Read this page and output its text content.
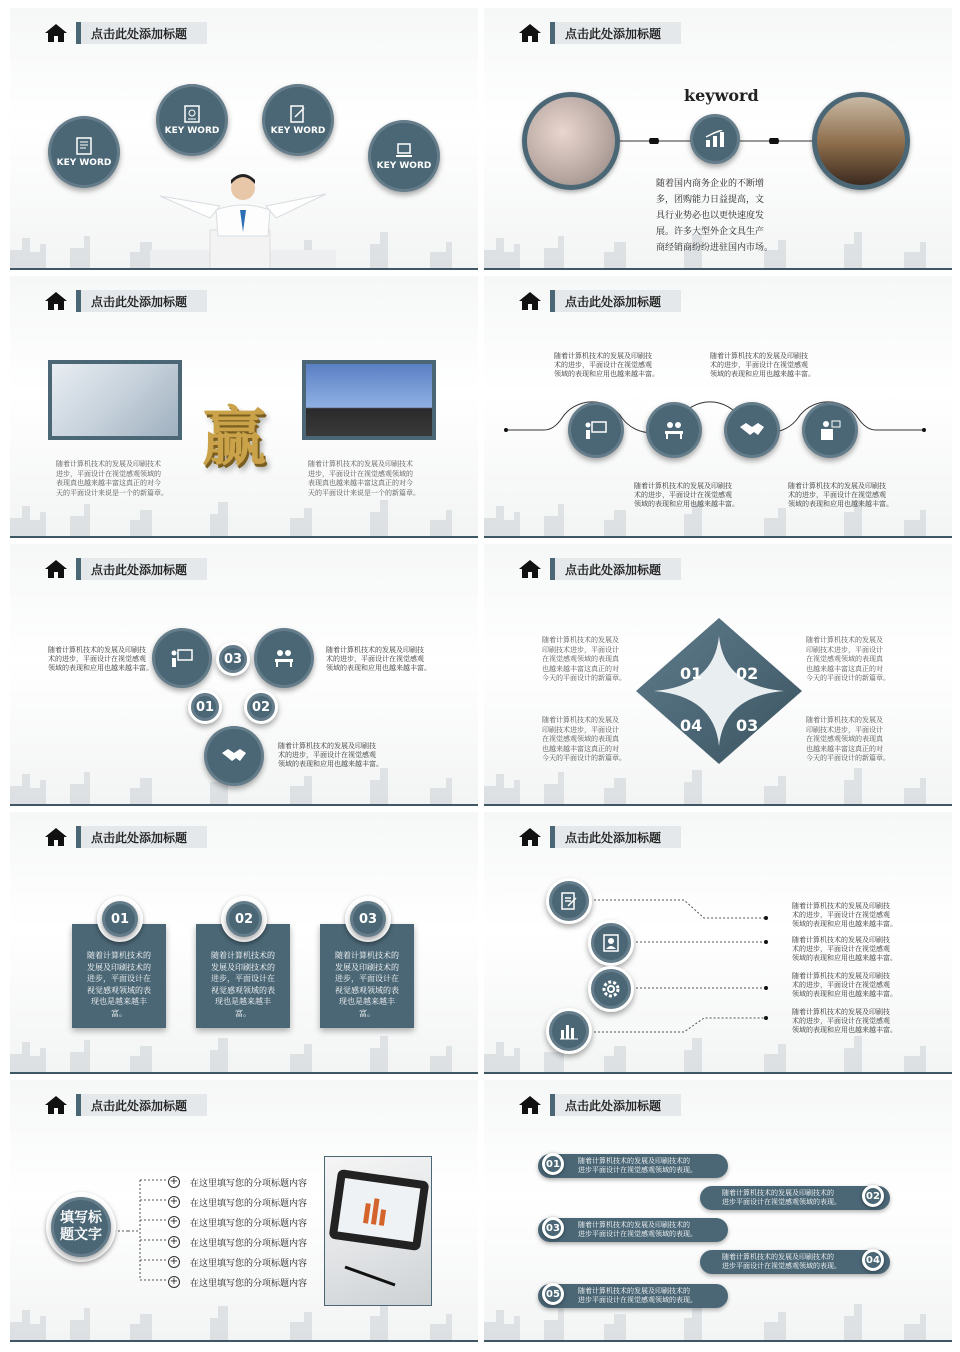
点击此处添加标题
KEY WORD
KEY WORD	KEY WORD
KEY WORD
点击此处添加标题
keyword
随着国内商务企业的不断增
多，团购能力日益提高，文
具行业势必也以更快速度发
展。许多大型外企文具生产
商经销商纷纷进驻国内市场。
点击此处添加标题
赢
随着计算机技术的发展及印刷技术
进步，平面设计在视觉感观领域的
表现真也越来越丰富这真正的对今
天的平面设计来说是一个的新篇章。
随着计算机技术的发展及印刷技术
进步，平面设计在视觉感观领域的
表现真也越来越丰富这真正的对今
天的平面设计来说是一个的新篇章。
点击此处添加标题
随着计算机技术的发展及印刷技
术的进步，平面设计在视觉感观
领域的表现和应用也越来越丰富。
随着计算机技术的发展及印刷技
术的进步，平面设计在视觉感观
领域的表现和应用也越来越丰富。
随着计算机技术的发展及印刷技
术的进步，平面设计在视觉感观
领域的表现和应用也越来越丰富。
随着计算机技术的发展及印刷技
术的进步，平面设计在视觉感观
领域的表现和应用也越来越丰富。
点击此处添加标题
03
01	02
随着计算机技术的发展及印刷技
术的进步，平面设计在视觉感观
领域的表现和应用也越来越丰富。
随着计算机技术的发展及印刷技
术的进步，平面设计在视觉感观
领域的表现和应用也越来越丰富。
随着计算机技术的发展及印刷技
术的进步，平面设计在视觉感观
领域的表现和应用也越来越丰富。
点击此处添加标题
01 02
04 03
随着计算机技术的发展及
印刷技术进步，平面设计
在视觉感观领域的表现真
也越来越丰富这真正的对
今天的平面设计的新篇章。
随着计算机技术的发展及
印刷技术进步，平面设计
在视觉感观领域的表现真
也越来越丰富这真正的对
今天的平面设计的新篇章。
随着计算机技术的发展及
印刷技术进步，平面设计
在视觉感观领域的表现真
也越来越丰富这真正的对
今天的平面设计的新篇章。
随着计算机技术的发展及
印刷技术进步，平面设计
在视觉感观领域的表现真
也越来越丰富这真正的对
今天的平面设计的新篇章。
点击此处添加标题
随着计算机技术的
发展及印刷技术的
进步，平面设计在
视觉感观领域的表
现也是越来越丰富。
随着计算机技术的
发展及印刷技术的
进步，平面设计在
视觉感观领域的表
现也是越来越丰富。
随着计算机技术的
发展及印刷技术的
进步，平面设计在
视觉感观领域的表
现也是越来越丰富。
01	02	03
点击此处添加标题
随着计算机技术的发展及印刷技
术的进步，平面设计在视觉感观
领域的表现和应用也越来越丰富。
随着计算机技术的发展及印刷技
术的进步，平面设计在视觉感观
领域的表现和应用也越来越丰富。
随着计算机技术的发展及印刷技
术的进步，平面设计在视觉感观
领域的表现和应用也越来越丰富。
随着计算机技术的发展及印刷技
术的进步，平面设计在视觉感观
领域的表现和应用也越来越丰富。
点击此处添加标题
填写标
题文字
+ 在这里填写您的分项标题内容
+ 在这里填写您的分项标题内容
+ 在这里填写您的分项标题内容
+ 在这里填写您的分项标题内容
+ 在这里填写您的分项标题内容
+ 在这里填写您的分项标题内容
点击此处添加标题
随着计算机技术的发展及印刷技术的
进步平面设计在视觉感观领域的表现。
01
随着计算机技术的发展及印刷技术的
进步平面设计在视觉感观领域的表现。
02
随着计算机技术的发展及印刷技术的
进步平面设计在视觉感观领域的表现。
03
随着计算机技术的发展及印刷技术的
进步平面设计在视觉感观领域的表现。
04
随着计算机技术的发展及印刷技术的
进步平面设计在视觉感观领域的表现。
05
